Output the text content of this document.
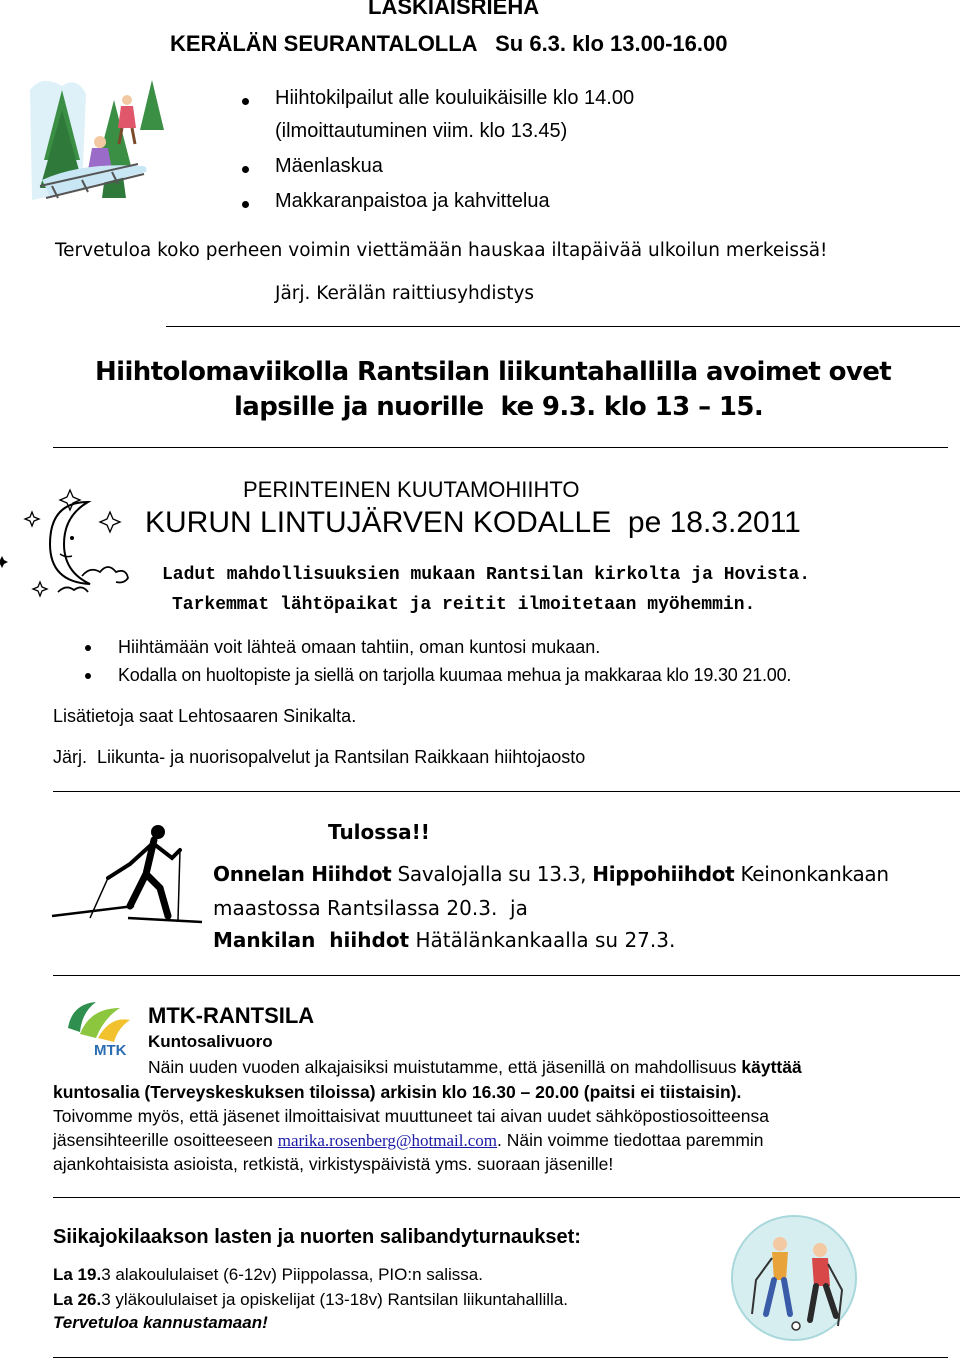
LASKIAISRIEHA
KERÄLÄN SEURANTALOLLA Su 6.3. klo 13.00-16.00
Hiihtokilpailut alle kouluikäisille klo 14.00
(ilmoittautuminen viim. klo 13.45)
Mäenlaskua
Makkaranpaistoa ja kahvittelua
Tervetuloa koko perheen voimin viettämään hauskaa iltapäivää ulkoilun merkeissä!
Järj. Kerälän raittiusyhdistys
Hiihtolomaviikolla Rantsilan liikuntahallilla avoimet ovet
lapsille ja nuorille  ke 9.3. klo 13 – 15.
PERINTEINEN KUUTAMOHIIHTO
KURUN LINTUJÄRVEN KODALLE  pe 18.3.2011
Ladut mahdollisuuksien mukaan Rantsilan kirkolta ja Hovista.
Tarkemmat lähtöpaikat ja reitit ilmoitetaan myöhemmin.
Hiihtämään voit lähteä omaan tahtiin, oman kuntosi mukaan.
Kodalla on huoltopiste ja siellä on tarjolla kuumaa mehua ja makkaraa klo 19.30 21.00.
Lisätietoja saat Lehtosaaren Sinikalta.
Järj. Liikunta- ja nuorisopalvelut ja Rantsilan Raikkaan hiihtojaosto
Tulossa!!
Onnelan Hiihdot Savalojalla su 13.3, Hippohiihdot Keinonkankaan
maastossa Rantsilassa 20.3.  ja
Mankilan  hiihdot Hätälänkankaalla su 27.3.
MTK
MTK-RANTSILA
Kuntosalivuoro
Näin uuden vuoden alkajaisiksi muistutamme, että jäsenillä on mahdollisuus käyttää
kuntosalia (Terveyskeskuksen tiloissa) arkisin klo 16.30 – 20.00 (paitsi ei tiistaisin).
Toivomme myös, että jäsenet ilmoittaisivat muuttuneet tai aivan uudet sähköpostiosoitteensa
jäsensihteerille osoitteeseen marika.rosenberg@hotmail.com. Näin voimme tiedottaa paremmin
ajankohtaisista asioista, retkistä, virkistyspäivistä yms. suoraan jäsenille!
Siikajokilaakson lasten ja nuorten salibandyturnaukset:
La 19.3 alakoululaiset (6-12v) Piippolassa, PIO:n salissa.
La 26.3 yläkoululaiset ja opiskelijat (13-18v) Rantsilan liikuntahallilla.
Tervetuloa kannustamaan!
